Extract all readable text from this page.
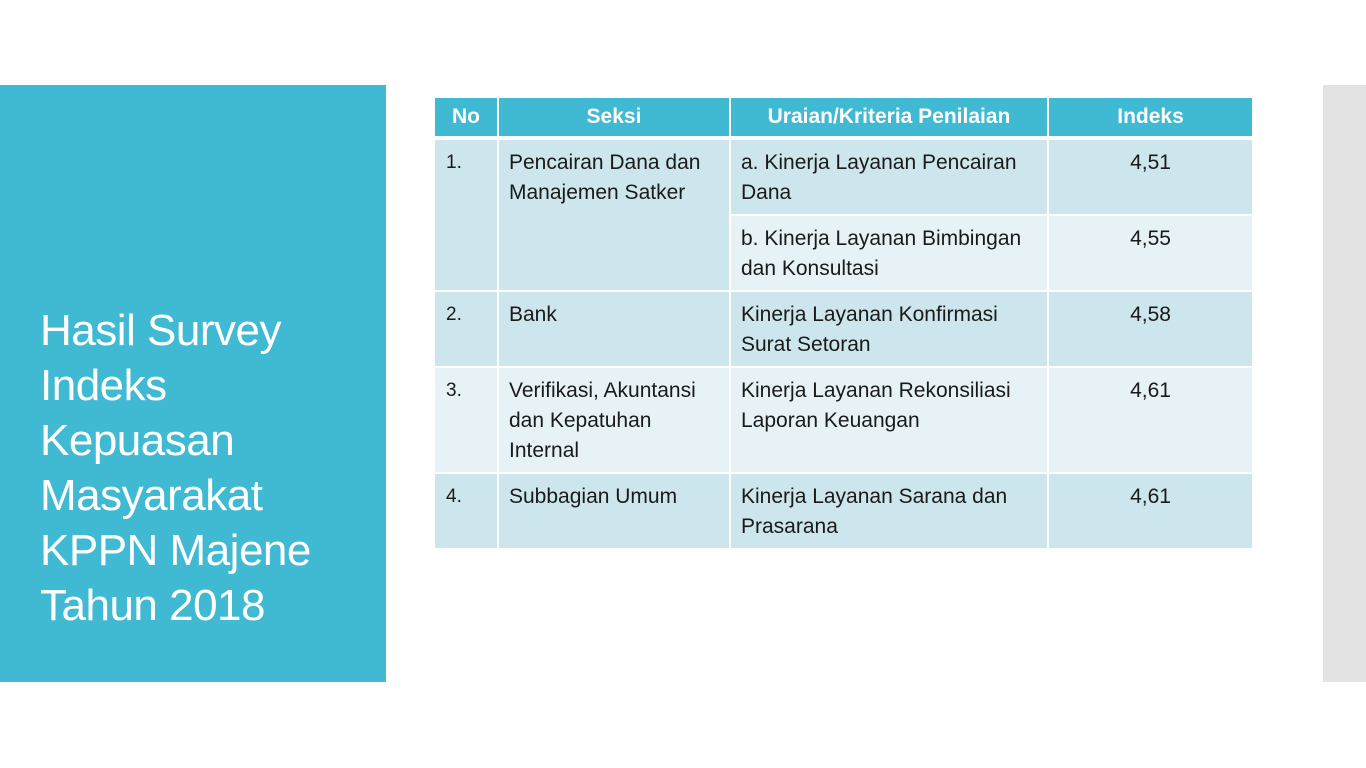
Hasil Survey
Indeks
Kepuasan
Masyarakat
KPPN Majene
Tahun 2018
No	Seksi	Uraian/Kriteria Penilaian	Indeks
1.	Pencairan Dana dan Manajemen Satker	a. Kinerja Layanan Pencairan Dana	4,51
		b. Kinerja Layanan Bimbingan dan Konsultasi	4,55
2.	Bank	Kinerja Layanan Konfirmasi Surat Setoran	4,58
3.	Verifikasi, Akuntansi dan Kepatuhan Internal	Kinerja Layanan Rekonsiliasi Laporan Keuangan	4,61
4.	Subbagian Umum	Kinerja Layanan Sarana dan Prasarana	4,61
